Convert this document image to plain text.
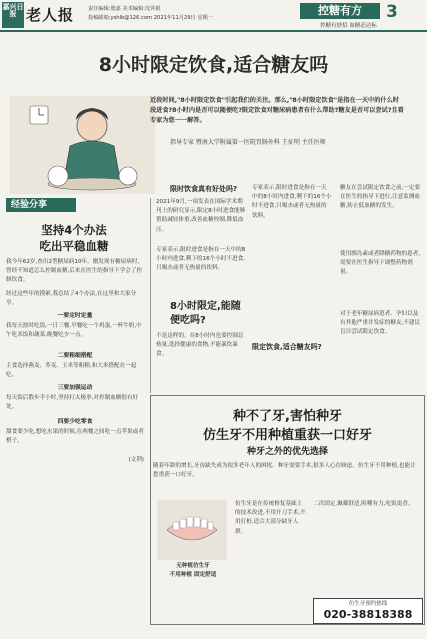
嘉兴日报 老人报	责任编辑:殷嘉 美术编辑:沈萍娟
投稿邮箱:yshlb@126.com 2021年11月29日 星期一
控糖有方	3
控糖有妙招 血糖必达标
8小时限定饮食,适合糖友吗
近段时间,"8小时限定饮食"引起我们的关注。那么,"8小时限定饮食"是指在一天中的什么时段进食?8小时内是否可以随便吃?限定饮食对糖尿病患者有什么帮助?糖友是否可以尝试?且看专家为您一一解答。
指导专家 暨南大学附属第一医院胃肠外科 王征明 主任医师
经验分享
坚持4个办法
吃出平稳血糖
我今年62岁,查出2型糖尿病10年。刚发现有糖尿病时,曾经不知道怎么控制血糖,后来在医生的指导下学会了控制饮食。
经过这些年的摸索,我总结了4个办法,在这里和大家分享。
一要定时定量
我每天按时吃饭,一日三餐,早餐吃一个鸡蛋,一杯牛奶,中午吃米饭和蔬菜,晚餐吃少一点。
二要粗细搭配
主食选择燕麦、荞麦、玉米等粗粮,和大米搭配在一起吃。
三要加强运动
每天饭后散步半小时,坚持打太极拳,对控制血糖很有好处。
四要少吃零食
甜食要少吃,想吃水果的时候,在两餐之间吃一点苹果或者橙子。
(文荆)
限时饮食真有好处吗?
2021年9月,一项发表在国际学术期刊上的研究显示,限定8小时进食能够帮助减轻体重,改善血糖控制,降低血压。
专家表示,限时进食是指在一天中的8小时内进食,剩下的16个小时不进食,只喝水或者无热量的饮料。
8小时限定,能随便吃吗?
不是这样的。在8小时内也要控制总热量,选择健康的食物,不能暴饮暴食。
专家表示,限时进食是指在一天中的8小时内进食,剩下的16个小时不进食,只喝水或者无热量的饮料。
限定饮食,适合糖友吗?
糖友在尝试限定饮食之前,一定要在医生的指导下进行,注意监测血糖,防止低血糖的发生。
使用胰岛素或者降糖药物的患者,需要在医生指导下调整药物剂量。
对于老年糖尿病患者、孕妇以及有其他严重并发症的糖友,不建议盲目尝试限定饮食。
种不了牙,害怕种牙
仿生牙不用种植重获一口好牙
种牙之外的优先选择
随着年龄的增长,牙齿缺失成为很多老年人的困扰。种牙需要手术,很多人心存顾虑。仿生牙不用种植,也能让您重获一口好牙。
无种植仿生牙
不用种植 固定舒适
仿生牙是在传统修复基础上的技术改进,不用开刀手术,不用打桩,适合大部分缺牙人群。
二次固定,佩戴舒适,咀嚼有力,吃饭更香。
仿生牙预约热线
020-38818388
